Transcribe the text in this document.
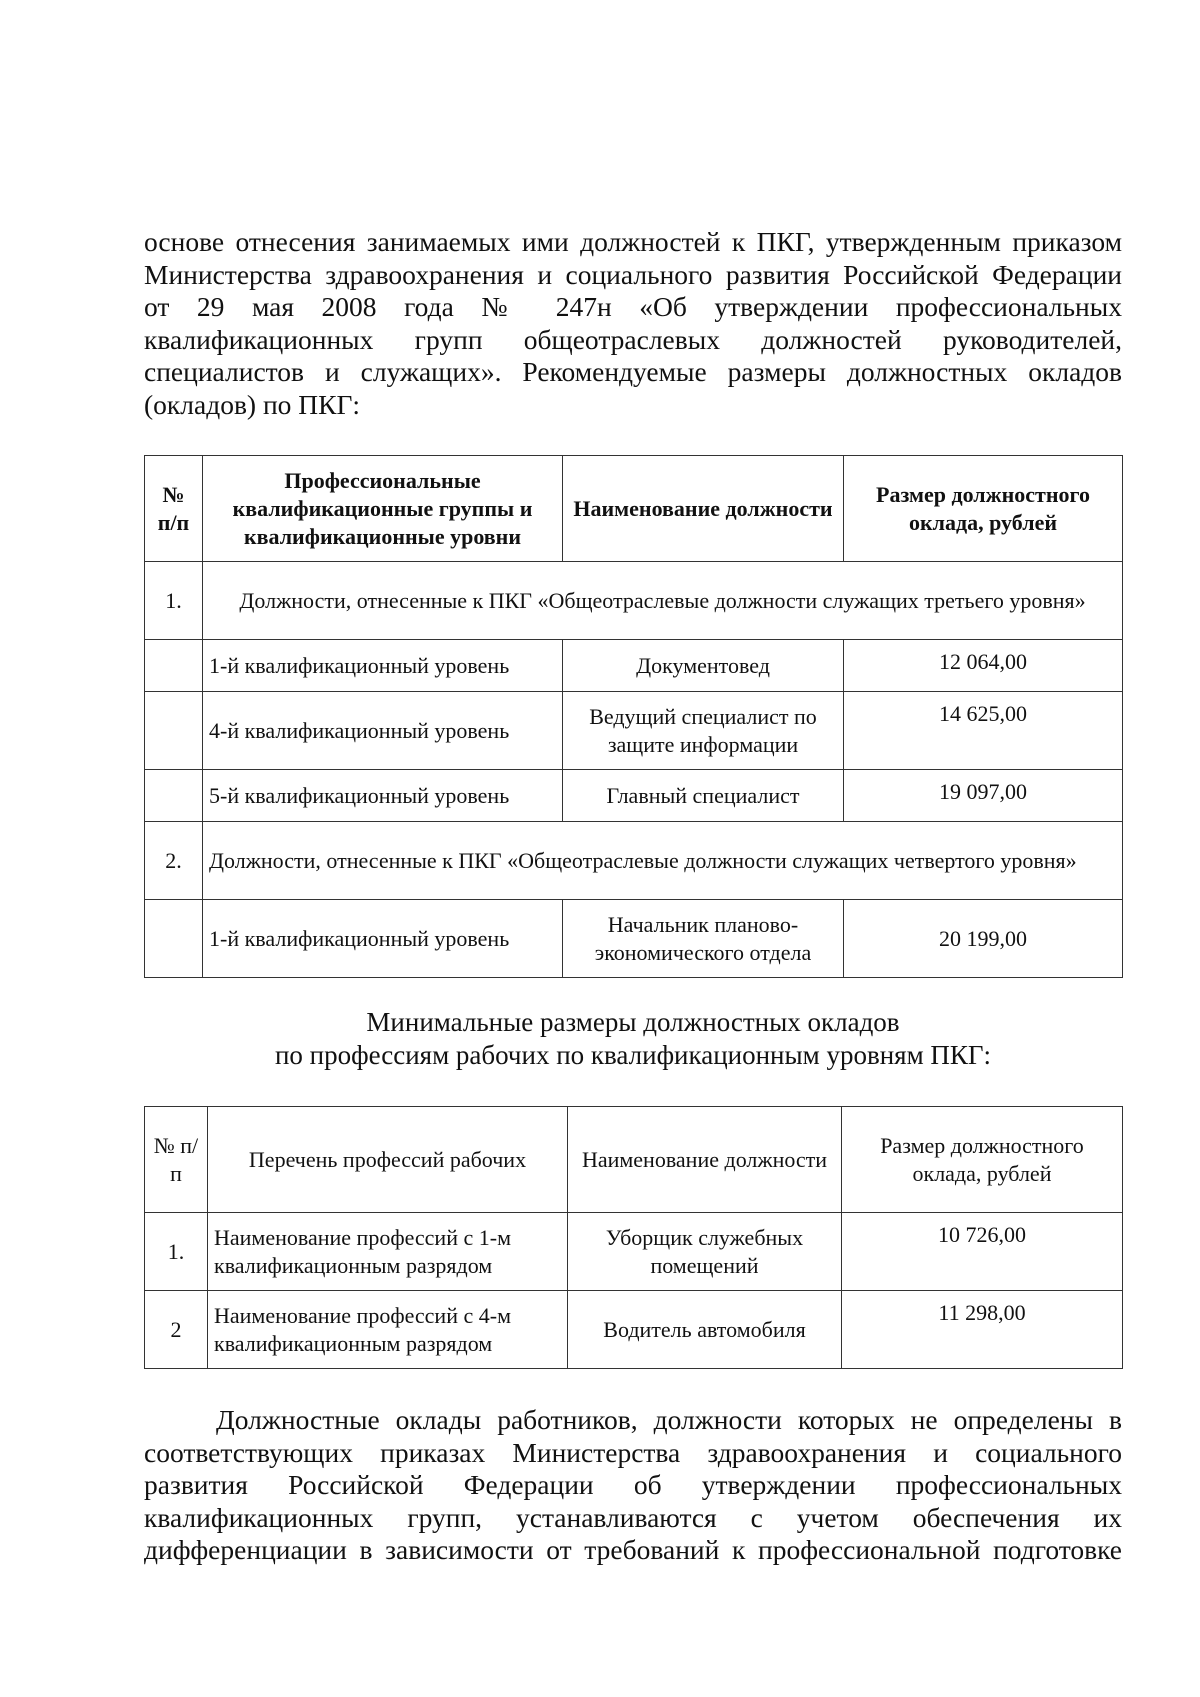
основе отнесения занимаемых ими должностей к ПКГ, утвержденным приказом
Министерства здравоохранения и социального развития Российской Федерации
от 29 мая 2008 года № 247н «Об утверждении профессиональных
квалификационных групп общеотраслевых должностей руководителей,
специалистов и служащих». Рекомендуемые размеры должностных окладов
(окладов) по ПКГ:

№ п/п	Профессиональные квалификационные группы и квалификационные уровни	Наименование должности	Размер должностного оклада, рублей
1.	Должности, отнесенные к ПКГ «Общеотраслевые должности служащих третьего уровня»		
	1-й квалификационный уровень	Документовед	12 064,00
	4-й квалификационный уровень	Ведущий специалист по защите информации	14 625,00
	5-й квалификационный уровень	Главный специалист	19 097,00
2.	Должности, отнесенные к ПКГ «Общеотраслевые должности служащих четвертого уровня»		
	1-й квалификационный уровень	Начальник планово-экономического отдела	20 199,00
Минимальные размеры должностных окладов
по профессиям рабочих по квалификационным уровням ПКГ:
№ п/п	Перечень профессий рабочих	Наименование должности	Размер должностного оклада, рублей
1.	Наименование профессий с 1-м квалификационным разрядом	Уборщик служебных помещений	10 726,00
2	Наименование профессий с 4-м квалификационным разрядом	Водитель автомобиля	11 298,00

Должностные оклады работников, должности которых не определены в
соответствующих приказах Министерства здравоохранения и социального
развития Российской Федерации об утверждении профессиональных
квалификационных групп, устанавливаются с учетом обеспечения их
дифференциации в зависимости от требований к профессиональной подготовке
